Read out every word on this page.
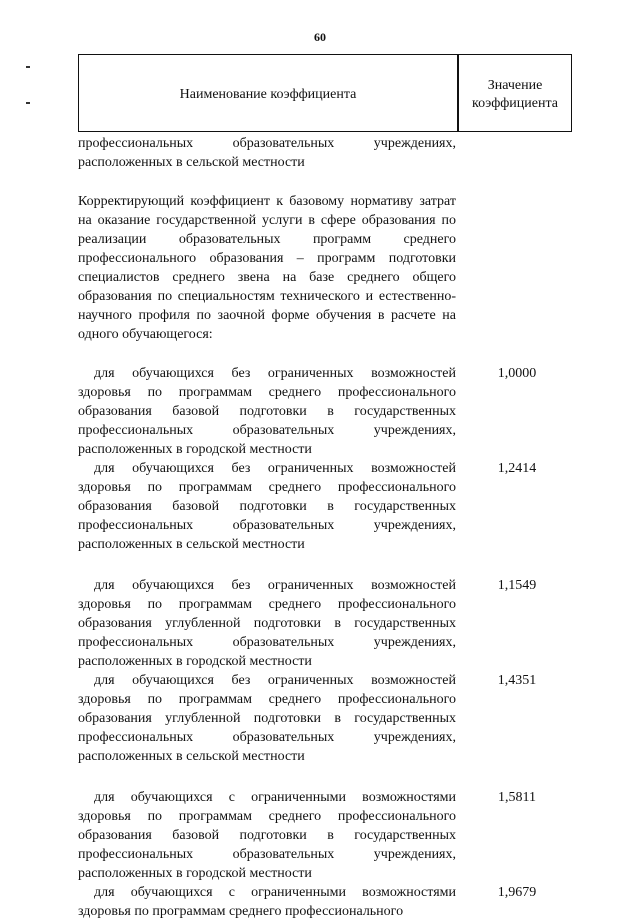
60
Наименование коэффициента
Значение
коэффициента
профессиональных образовательных учреждениях, расположенных в сельской местности
Корректирующий коэффициент к базовому нормативу затрат на оказание государственной услуги в сфере образования по реализации образовательных программ среднего профессионального образования – программ подготовки специалистов среднего звена на базе среднего общего образования по специальностям технического и естественно-научного профиля по заочной форме обучения в расчете на одного обучающегося:
для обучающихся без ограниченных возможностей здоровья по программам среднего профессионального образования базовой подготовки в государственных профессиональных образовательных учреждениях, расположенных в городской местности
1,0000
для обучающихся без ограниченных возможностей здоровья по программам среднего профессионального образования базовой подготовки в государственных профессиональных образовательных учреждениях, расположенных в сельской местности
1,2414
для обучающихся без ограниченных возможностей здоровья по программам среднего профессионального образования углубленной подготовки в государственных профессиональных образовательных учреждениях, расположенных в городской местности
1,1549
для обучающихся без ограниченных возможностей здоровья по программам среднего профессионального образования углубленной подготовки в государственных профессиональных образовательных учреждениях, расположенных в сельской местности
1,4351
для обучающихся с ограниченными возможностями здоровья по программам среднего профессионального образования базовой подготовки в государственных профессиональных образовательных учреждениях, расположенных в городской местности
1,5811
для обучающихся с ограниченными возможностями здоровья по программам среднего профессионального
1,9679
